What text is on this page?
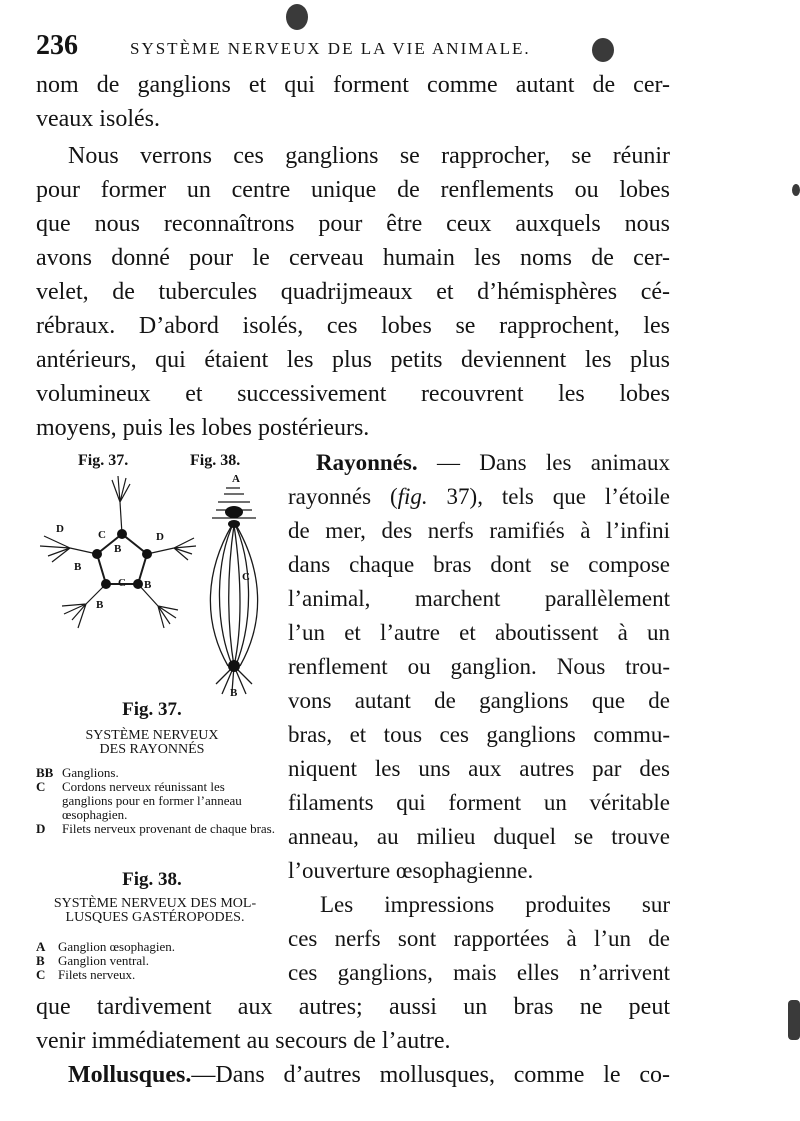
236	SYSTÈME NERVEUX DE LA VIE ANIMALE.
nom de ganglions et qui forment comme autant de cer-
veaux isolés.
Nous verrons ces ganglions se rapprocher, se réunir
pour former un centre unique de renflements ou lobes
que nous reconnaîtrons pour être ceux auxquels nous
avons donné pour le cerveau humain les noms de cer-
velet, de tubercules quadrijmeaux et d’hémisphères cé-
rébraux. D’abord isolés, ces lobes se rapprochent, les
antérieurs, qui étaient les plus petits deviennent les plus
volumineux et successivement recouvrent les lobes
moyens, puis les lobes postérieurs.
Fig. 37.	Fig. 38.
C
B
D
D
B
B
C
B
A
C
B
Fig. 37.
SYSTÈME NERVEUX
DES RAYONNÉS
BB Ganglions.
C	Cordons nerveux réunissant les ganglions pour en former l’anneau œsophagien.
D	Filets nerveux provenant de chaque bras.
Fig. 38.
SYSTÈME NERVEUX DES MOL-
LUSQUES GASTÉROPODES.
A Ganglion œsophagien.
B	Ganglion ventral.
C Filets nerveux.
Rayonnés. — Dans les animaux
rayonnés (fig. 37), tels que l’étoile
de mer, des nerfs ramifiés à l’infini
dans chaque bras dont se compose
l’animal, marchent parallèlement
l’un et l’autre et aboutissent à un
renflement ou ganglion. Nous trou-
vons autant de ganglions que de
bras, et tous ces ganglions commu-
niquent les uns aux autres par des
filaments qui forment un véritable
anneau, au milieu duquel se trouve
l’ouverture œsophagienne.
Les impressions produites sur
ces nerfs sont rapportées à l’un de
ces ganglions, mais elles n’arrivent
que tardivement aux autres; aussi un bras ne peut
venir immédiatement au secours de l’autre.
Mollusques.—Dans d’autres mollusques, comme le co-
